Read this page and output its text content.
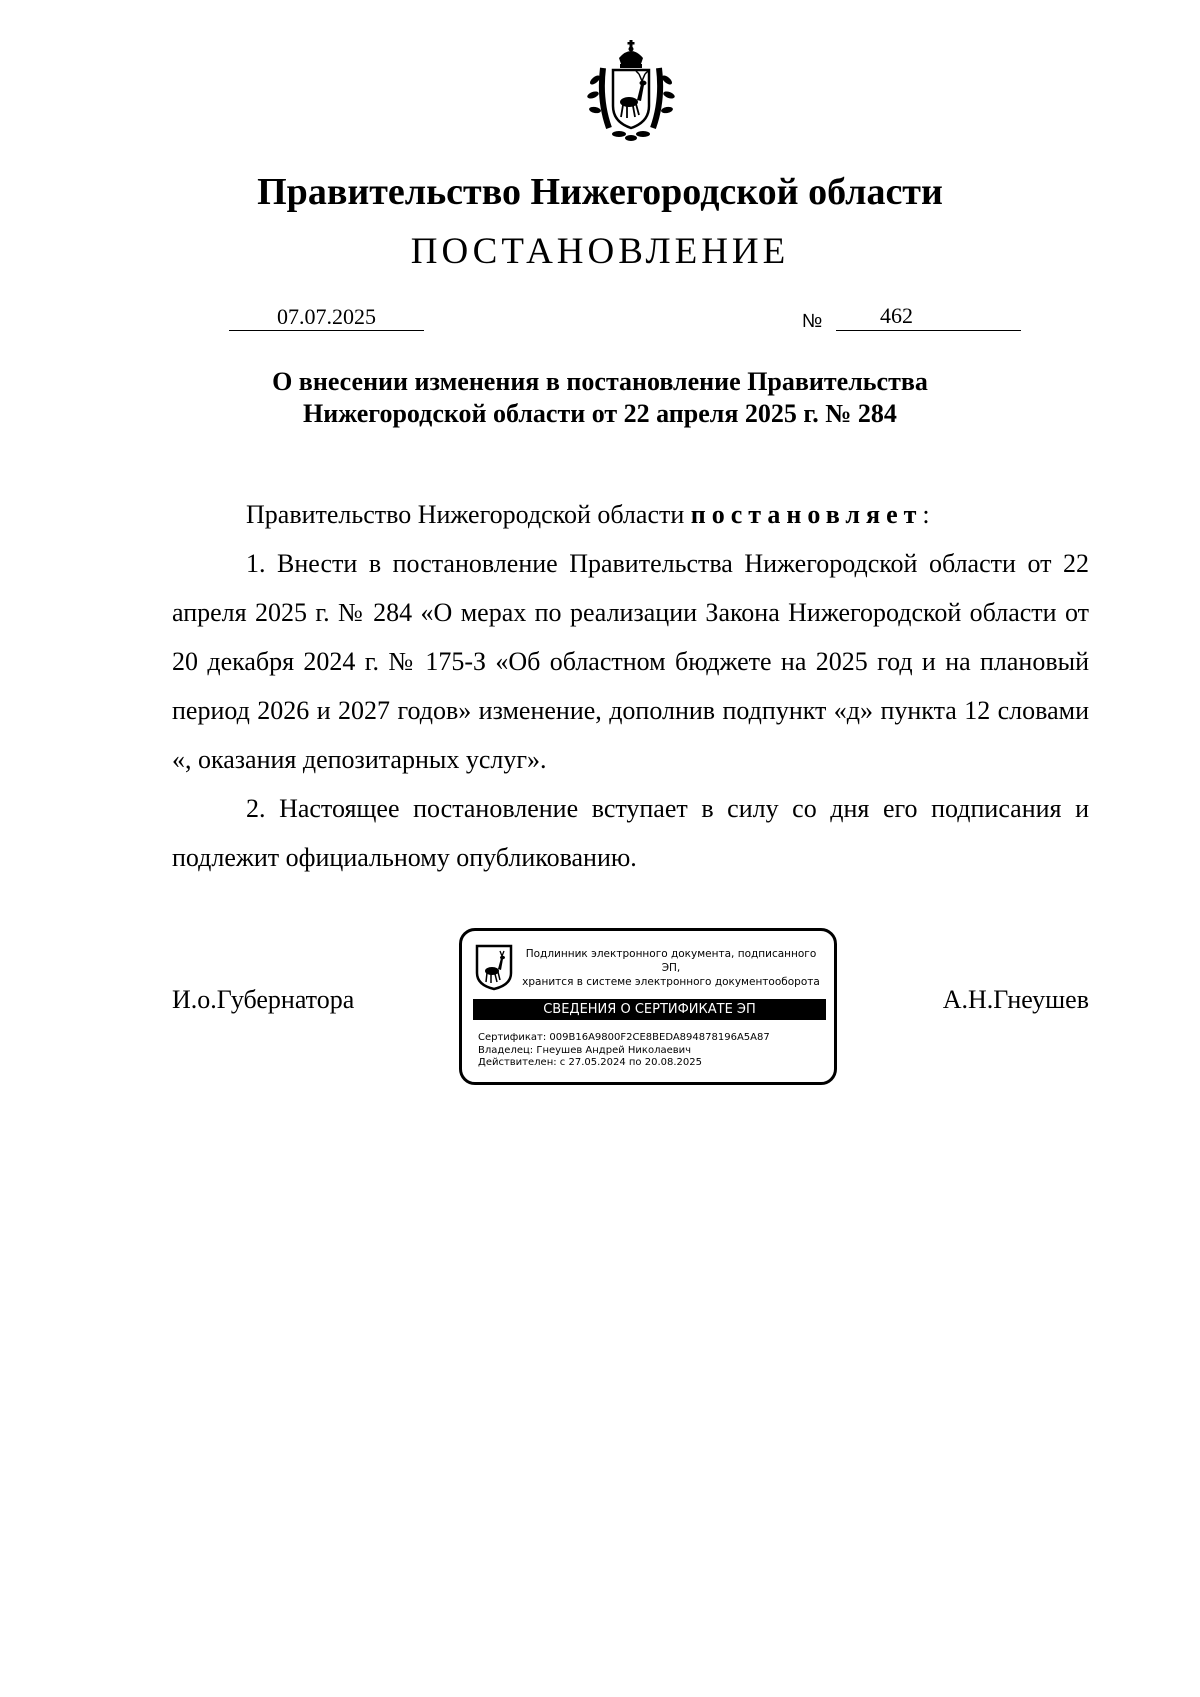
Правительство Нижегородской области
ПОСТАНОВЛЕНИЕ
07.07.2025	№	462
О внесении изменения в постановление Правительства
Нижегородской области от 22 апреля 2025 г. № 284

Правительство Нижегородской области постановляет:

1. Внести в постановление Правительства Нижегородской области от 22 апреля 2025 г. № 284 «О мерах по реализации Закона Нижегородской области от 20 декабря 2024 г. № 175-З «Об областном бюджете на 2025 год и на плановый период 2026 и 2027 годов» изменение, дополнив подпункт «д» пункта 12 словами «, оказания депозитарных услуг».

2. Настоящее постановление вступает в силу со дня его подписания и подлежит официальному опубликованию.

И.о.Губернатора
Подлинник электронного документа, подписанного ЭП,
хранится в системе электронного документооборота
СВЕДЕНИЯ О СЕРТИФИКАТЕ ЭП
Сертификат: 009B16A9800F2CE8BEDA894878196A5A87
Владелец: Гнеушев Андрей Николаевич
Действителен: с 27.05.2024 по 20.08.2025
А.Н.Гнеушев
